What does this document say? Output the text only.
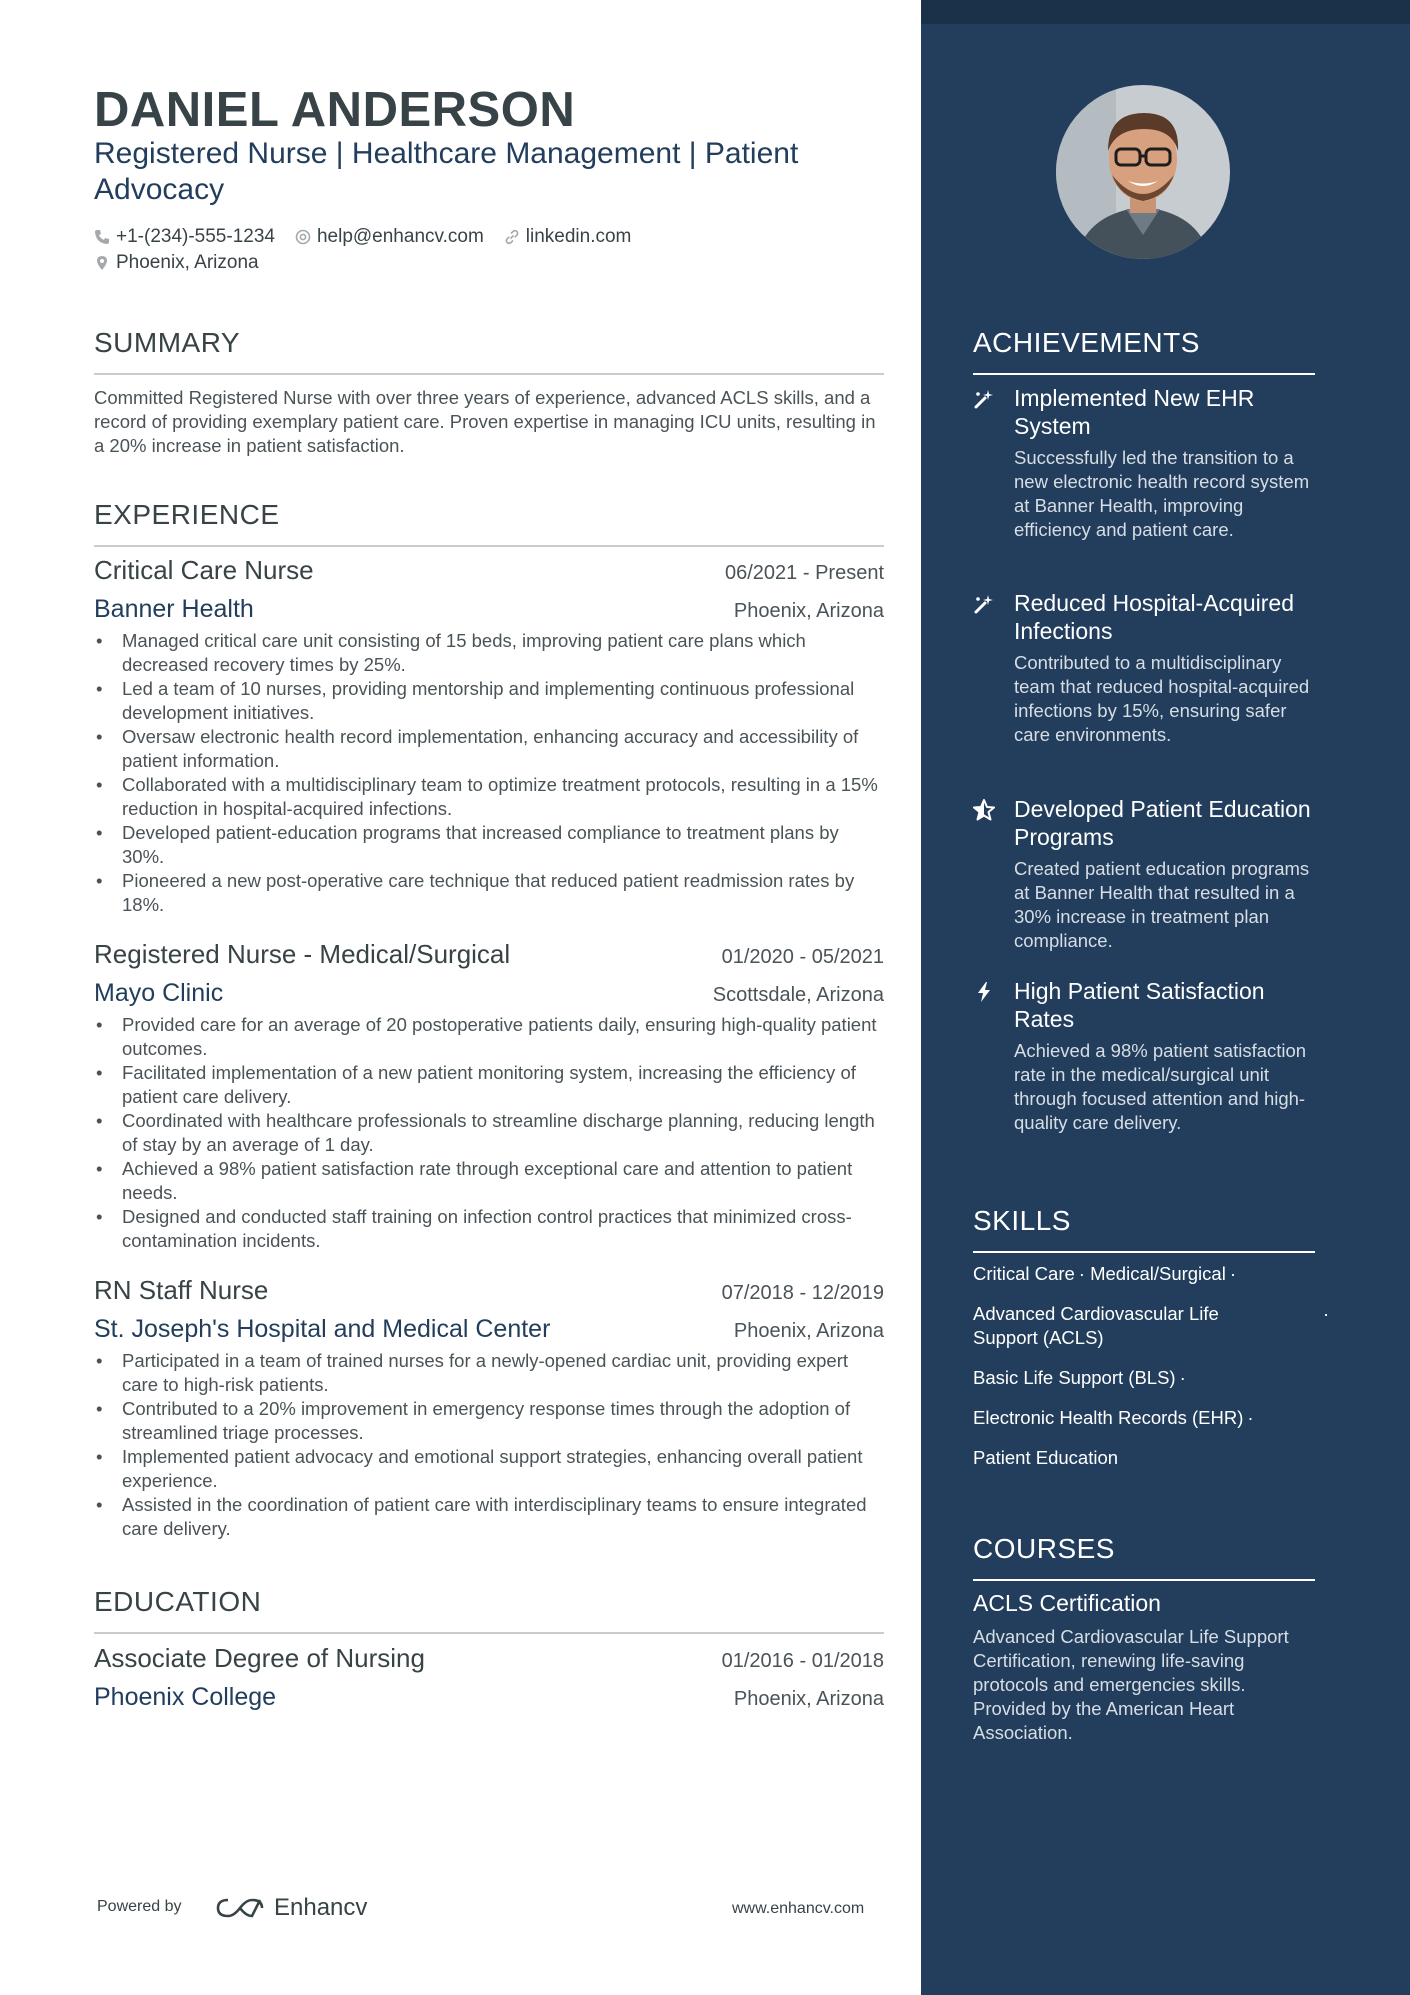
DANIEL ANDERSON
Registered Nurse | Healthcare Management | Patient Advocacy
+1-(234)-555-1234 help@enhancv.com linkedin.com
Phoenix, Arizona
SUMMARY
Committed Registered Nurse with over three years of experience, advanced ACLS skills, and a record of providing exemplary patient care. Proven expertise in managing ICU units, resulting in a 20% increase in patient satisfaction.
EXPERIENCE
Critical Care Nurse	06/2021 - Present
Banner Health	Phoenix, Arizona
• Managed critical care unit consisting of 15 beds, improving patient care plans which decreased recovery times by 25%.
• Led a team of 10 nurses, providing mentorship and implementing continuous professional development initiatives.
• Oversaw electronic health record implementation, enhancing accuracy and accessibility of patient information.
• Collaborated with a multidisciplinary team to optimize treatment protocols, resulting in a 15% reduction in hospital-acquired infections.
• Developed patient-education programs that increased compliance to treatment plans by 30%.
• Pioneered a new post-operative care technique that reduced patient readmission rates by 18%.
Registered Nurse - Medical/Surgical	01/2020 - 05/2021
Mayo Clinic	Scottsdale, Arizona
• Provided care for an average of 20 postoperative patients daily, ensuring high-quality patient outcomes.
• Facilitated implementation of a new patient monitoring system, increasing the efficiency of patient care delivery.
• Coordinated with healthcare professionals to streamline discharge planning, reducing length of stay by an average of 1 day.
• Achieved a 98% patient satisfaction rate through exceptional care and attention to patient needs.
• Designed and conducted staff training on infection control practices that minimized cross-contamination incidents.
RN Staff Nurse	07/2018 - 12/2019
St. Joseph's Hospital and Medical Center	Phoenix, Arizona
• Participated in a team of trained nurses for a newly-opened cardiac unit, providing expert care to high-risk patients.
• Contributed to a 20% improvement in emergency response times through the adoption of streamlined triage processes.
• Implemented patient advocacy and emotional support strategies, enhancing overall patient experience.
• Assisted in the coordination of patient care with interdisciplinary teams to ensure integrated care delivery.
EDUCATION
Associate Degree of Nursing	01/2016 - 01/2018
Phoenix College	Phoenix, Arizona
Powered by	Enhancv	www.enhancv.com
ACHIEVEMENTS
Implemented New EHR System
Successfully led the transition to a new electronic health record system at Banner Health, improving efficiency and patient care.
Reduced Hospital-Acquired Infections
Contributed to a multidisciplinary team that reduced hospital-acquired infections by 15%, ensuring safer care environments.
Developed Patient Education Programs
Created patient education programs at Banner Health that resulted in a 30% increase in treatment plan compliance.
High Patient Satisfaction Rates
Achieved a 98% patient satisfaction rate in the medical/surgical unit through focused attention and high-quality care delivery.
SKILLS
Critical Care · Medical/Surgical ·
Advanced Cardiovascular Life Support (ACLS)
·
Basic Life Support (BLS) ·
Electronic Health Records (EHR) ·
Patient Education
COURSES
ACLS Certification
Advanced Cardiovascular Life Support Certification, renewing life-saving protocols and emergencies skills. Provided by the American Heart Association.
